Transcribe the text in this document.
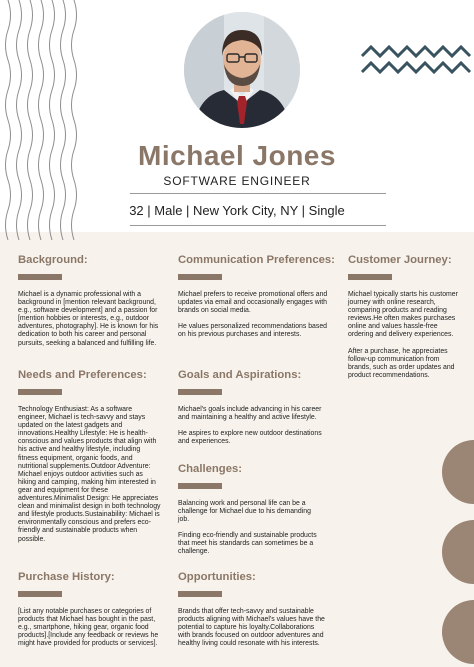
Michael Jones
SOFTWARE ENGINEER
32 | Male | New York City, NY | Single
Background:

Michael is a dynamic professional with a background in [mention relevant background, e.g., software development] and a passion for [mention hobbies or interests, e.g., outdoor adventures, photography]. He is known for his dedication to both his career and personal pursuits, seeking a balanced and fulfilling life.

Communication Preferences:

Michael prefers to receive promotional offers and updates via email and occasionally engages with brands on social media.

He values personalized recommendations based on his previous purchases and interests.

Customer Journey:

Michael typically starts his customer journey with online research, comparing products and reading reviews.He often makes purchases online and values hassle-free ordering and delivery experiences.

After a purchase, he appreciates follow-up communication from brands, such as order updates and product recommendations.

Needs and Preferences:

Technology Enthusiast: As a software engineer, Michael is tech-savvy and stays updated on the latest gadgets and innovations.Healthy Lifestyle: He is health-conscious and values products that align with his active and healthy lifestyle, including fitness equipment, organic foods, and nutritional supplements.Outdoor Adventure: Michael enjoys outdoor activities such as hiking and camping, making him interested in gear and equipment for these adventures.Minimalist Design: He appreciates clean and minimalist design in both technology and lifestyle products.Sustainability: Michael is environmentally conscious and prefers eco-friendly and sustainable products when possible.

Goals and Aspirations:

Michael's goals include advancing in his career and maintaining a healthy and active lifestyle.

He aspires to explore new outdoor destinations and experiences.

Challenges:

Balancing work and personal life can be a challenge for Michael due to his demanding job.

Finding eco-friendly and sustainable products that meet his standards can sometimes be a challenge.

Purchase History:

[List any notable purchases or categories of products that Michael has bought in the past, e.g., smartphone, hiking gear, organic food products].[Include any feedback or reviews he might have provided for products or services].

Opportunities:

Brands that offer tech-savvy and sustainable products aligning with Michael's values have the potential to capture his loyalty.Collaborations with brands focused on outdoor adventures and healthy living could resonate with his interests.
